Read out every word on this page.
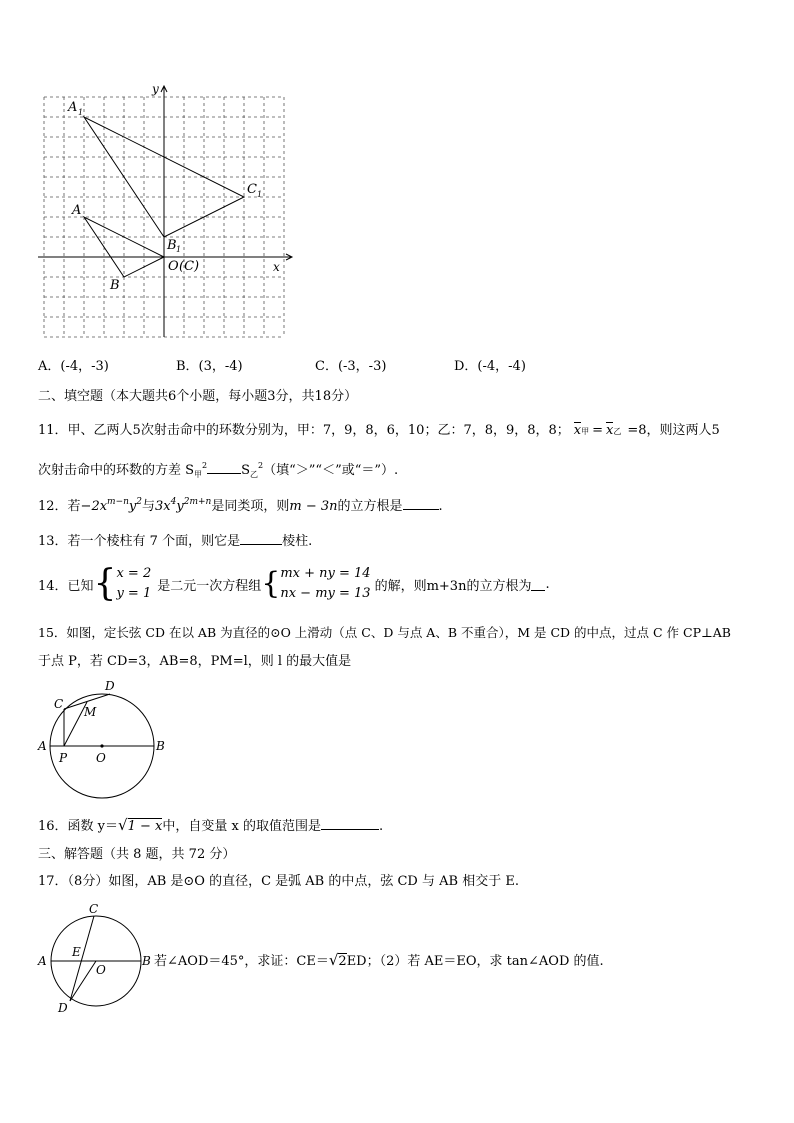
y
x
A 1
C 1
A
B 1
O (C)
B
A．(-4，-3)	B．(3，-4)	C．(-3，-3)	D．(-4，-4)
二、填空题（本大题共6个小题，每小题3分，共18分）
11．甲、乙两人5次射击命中的环数分别为，甲：7，9，8，6，10；乙：7，8，9，8，8； x甲 = x乙 =8，则这两人5
次射击命中的环数的方差 $S_甲^2$	$S_乙^2$（填“＞”“＜”或“＝”）.
12．若$-2x^{m-n}y^2$与$3x^4y^{2m+n}$是同类项，则m − 3n的立方根是	.
13．若一个棱柱有 7 个面，则它是	棱柱.
14．已知 { x = 2
y = 1 是二元一次方程组 { mx + ny = 14
nx − my = 13 的解，则m+3n的立方根为 .
15．如图，定长弦 CD 在以 AB 为直径的⊙O 上滑动（点 C、D 与点 A、B 不重合），M 是 CD 的中点，过点 C 作 CP⊥AB
于点 P，若 CD=3，AB=8，PM=l，则 l 的最大值是
A	B
C
D
M
P O
16．函数 y＝√1 − x中，自变量 x 的取值范围是	.
三、解答题（共 8 题，共 72 分）
17．（8分）如图，AB 是⊙O 的直径，C 是弧 AB 的中点，弦 CD 与 AB 相交于 E.
A	B
C
D
E
O
若∠AOD＝45°，求证：CE＝√2ED；（2）若 AE＝EO，求 tan∠AOD 的值.
